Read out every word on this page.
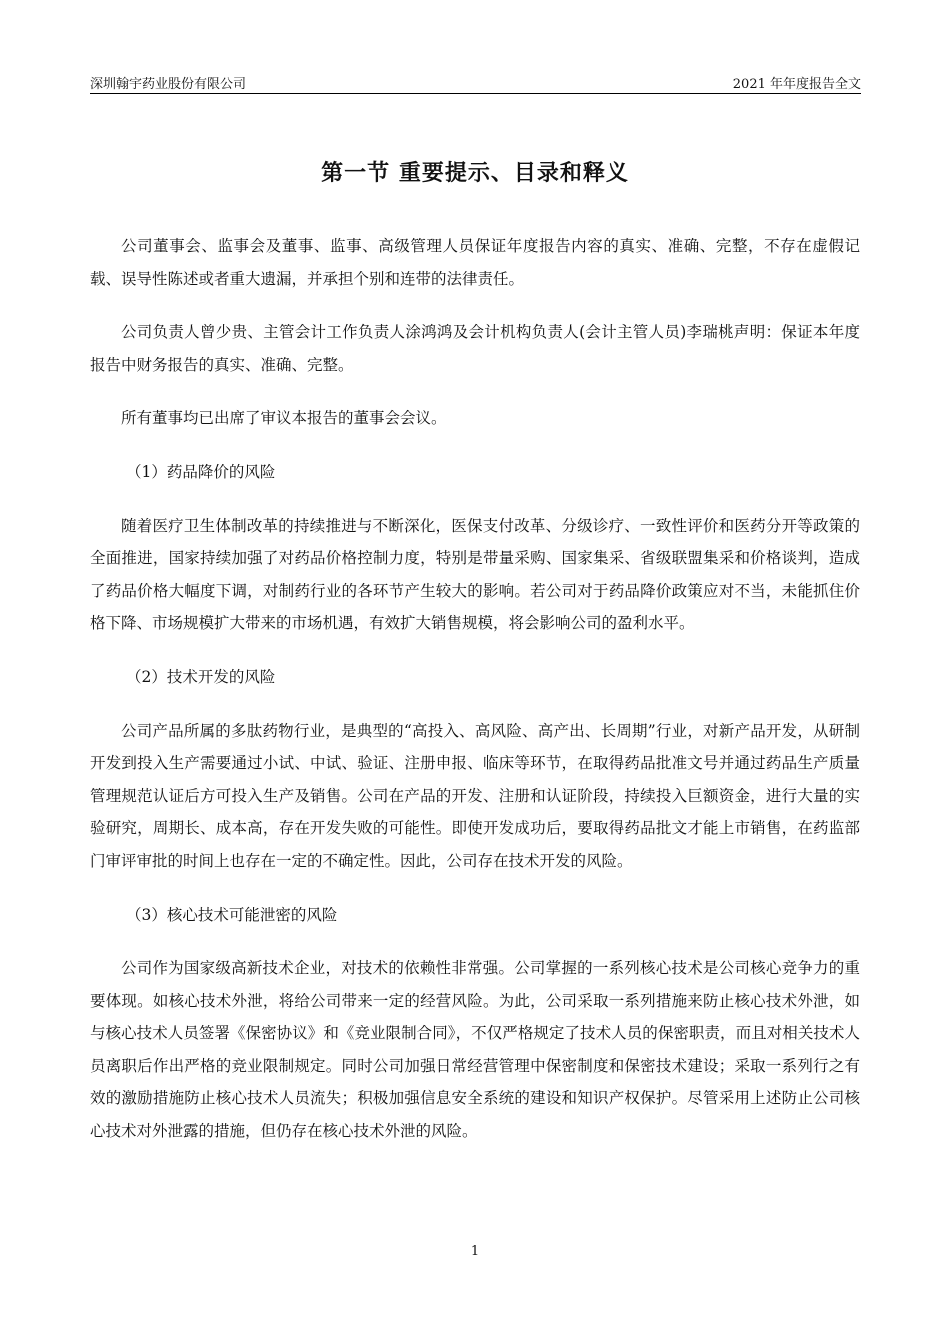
深圳翰宇药业股份有限公司	2021 年年度报告全文
第一节 重要提示、目录和释义

公司董事会、监事会及董事、监事、高级管理人员保证年度报告内容的真实、准确、完整，不存在虚假记载、误导性陈述或者重大遗漏，并承担个别和连带的法律责任。

公司负责人曾少贵、主管会计工作负责人涂鸿鸿及会计机构负责人(会计主管人员)李瑞桃声明：保证本年度报告中财务报告的真实、准确、完整。

所有董事均已出席了审议本报告的董事会会议。

（1）药品降价的风险

随着医疗卫生体制改革的持续推进与不断深化，医保支付改革、分级诊疗、一致性评价和医药分开等政策的全面推进，国家持续加强了对药品价格控制力度，特别是带量采购、国家集采、省级联盟集采和价格谈判，造成了药品价格大幅度下调，对制药行业的各环节产生较大的影响。若公司对于药品降价政策应对不当，未能抓住价格下降、市场规模扩大带来的市场机遇，有效扩大销售规模，将会影响公司的盈利水平。

（2）技术开发的风险

公司产品所属的多肽药物行业，是典型的“高投入、高风险、高产出、长周期”行业，对新产品开发，从研制开发到投入生产需要通过小试、中试、验证、注册申报、临床等环节，在取得药品批准文号并通过药品生产质量管理规范认证后方可投入生产及销售。公司在产品的开发、注册和认证阶段，持续投入巨额资金，进行大量的实验研究，周期长、成本高，存在开发失败的可能性。即使开发成功后，要取得药品批文才能上市销售，在药监部门审评审批的时间上也存在一定的不确定性。因此，公司存在技术开发的风险。

（3）核心技术可能泄密的风险

公司作为国家级高新技术企业，对技术的依赖性非常强。公司掌握的一系列核心技术是公司核心竞争力的重要体现。如核心技术外泄，将给公司带来一定的经营风险。为此，公司采取一系列措施来防止核心技术外泄，如与核心技术人员签署《保密协议》和《竞业限制合同》，不仅严格规定了技术人员的保密职责，而且对相关技术人员离职后作出严格的竞业限制规定。同时公司加强日常经营管理中保密制度和保密技术建设；采取一系列行之有效的激励措施防止核心技术人员流失；积极加强信息安全系统的建设和知识产权保护。尽管采用上述防止公司核心技术对外泄露的措施，但仍存在核心技术外泄的风险。

1
